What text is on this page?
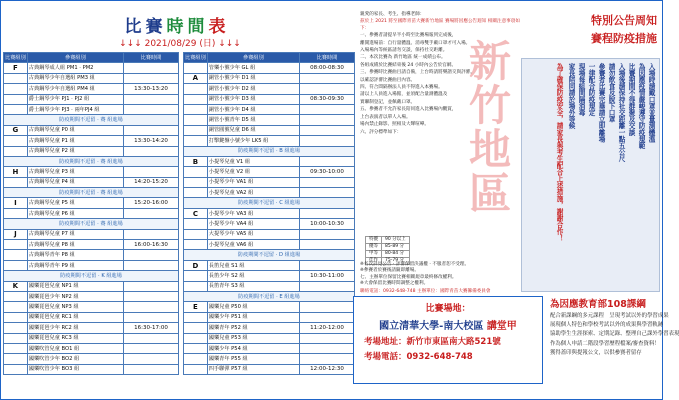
比賽時間表
↓↓↓ 2021/08/29 (日) ↓↓↓
比賽組別	參賽組別	比賽時間
F	古典鋼琴成人組 PM1 · PM2	
	古典鋼琴少年自選組 PM3 組	
	古典鋼琴少年自選組 PM4 組	13:30-13:20
	爵士鋼琴少年 PJ1 · PJ2 組	
	爵士鋼琴少年 PJ3 · 兩年PJ4 組	
防疫期間不逗留 · 賽 組進場		
G	古典鋼琴兒童 P0 組	
	古典鋼琴兒童 P1 組	13:30-14:20
	古典鋼琴兒童 P2 組	
防疫期間不逗留 · 賽 組進場		
H	古典鋼琴兒童 P3 組	
	古典鋼琴兒童 P4 組	14:20-15:20
防疫期間不逗留 · 賽 組進場		
I	古典鋼琴兒童 P5 組	15:20-16:00
	古典鋼琴兒童 P6 組	
防疫期間不逗留 · 賽 組進場		
J	古典鋼琴兒童 P7 組	
	古典鋼琴兒童 P8 組	16:00-16:30
	古典鋼琴青年 P8 組	
	古典鋼琴青年 P9 組	
防疫期間不逗留 · K 組進場		
K	國樂琵琶兒童 NP1 組	
	國樂琵琶少年 NP2 組	
	國樂琵琶兒童 NP3 組	
	國樂琵琶兒童 RC1 組	
	國樂琵琶少年 RC2 組	16:30-17:00
	國樂琵琶兒童 RC3 組	
	國樂吹管兒童 BO1 組	
	國樂吹管少年 BO2 組	
	國樂吹管少年 BO3 組	
比賽組別	參賽組別	比賽時間
	管樂小號少年 GL 組	08:00-08:30
A	銅管小號少年 D1 組	
	銅管小號少年 D2 組	
	銅管小號少年 D3 組	08:30-09:30
	銅管小號少年 D4 組	
	銅管小號青年 D5 組	
	銅管圓號兒童 D6 組	
	打擊鍵盤小號少年 LK5 組	
防疫期間不逗留 · B 組進場		
B	小提琴兒童 V1 組	
	小提琴兒童 V2 組	09:30-10:00
	小提琴少年 VA1 組	
	小提琴兒童 VA2 組	
防疫期間不逗留 · C 組進場		
C	小提琴少年 VA3 組	
	小提琴少年 VA4 組	10:00-10:30
	大提琴少年 VA5 組	
	小提琴兒童 VA6 組	
防疫期間不逗留 · D 組進場		
D	長笛兒童 S1 組	
	長笛少年 S2 組	10:30-11:00
	長笛青年 S3 組	
防疫期間不逗留 · E 組進場		
E	國樂兒童 P50 組	
	國樂少年 P51 組	
	國樂青年 P52 組	11:20-12:00
	國樂兒童 P53 組	
	國樂少年 P54 組	
	國樂青年 P55 組	
	四手聯彈 P57 組	12:00-12:30

親愛的家長、考生、指導老師：

茲於上 2021 將至國際青苗大賽新竹地區 賽場將因應公告週知 相關注意事項如下：

一、參賽者請提早半小時至比賽場報到完成後，

離開進場前：自行量體溫、消毒雙手戴口罩才可入場。

入場場內等候區請勿交談，保持社交距離。

二、本次比賽為 新竹地區 統一成績公布。

各組成績於比賽結束後 24 小時內公告於官網。

三、參賽時比賽曲目請自備，上台時請將樂譜交與評審。

以確認評審比賽曲目內容。

四、符合間隔辦法人員不得進入本賽場。

請以上人員進入場館，並須配合量測體溫及

實聯制登記，並佩戴口罩。

五、參賽者不允許家長陪同進入比賽場內觀賞，

上台表演者以單人入場。

場內禁止錄影、照相及大聲喧嘩。

六、評分標準如下：

新竹地區
特優	90 分以上
優等	85-89 分
甲等	80-84 分
佳作	75-79 分
※名次詳見公告 · 評審保留決議權 · 不服者恕不受理。
※參賽者於賽後請隨即離場。
七、主辦單位保留比賽相關規章最終修改權利。
※大會保留比賽時間調整之權利。
聯絡電話：0932-648-748 主辦單位：國際青苗大賽籌備委員會
比賽場地：
國立清華大學-南大校區 講堂甲
考場地址：新竹市東區南大路521號
考場電話：0932-648-748
特別公告周知
賽程防疫措施
入場時請戴口罩並量測體溫
為因應疫情嚴峻遵守防疫規範
比賽期間不得群聚及交談
入場後請保持社交距離一點五公尺
請勿飲食及脫下口罩
參賽者比賽完畢請立即離場
一律配合防疫規定
現場每組間隔消毒
家長陪同請於場外等候
為了確保防疫安全，請家長與考生配合上述措施，謝謝合作！
為因應教育部108課綱
配合新課綱的多元課程　呈現考試以外的學習成果
展現個人特色和學校考試以外的成果與學習軌跡
協助學生生涯探索、定期記錄、整理自己課外學習表現
作為個人申請二階段學習歷程檔案/審查資料！
獲得蓋印與提報公文，以供參賽者留存
